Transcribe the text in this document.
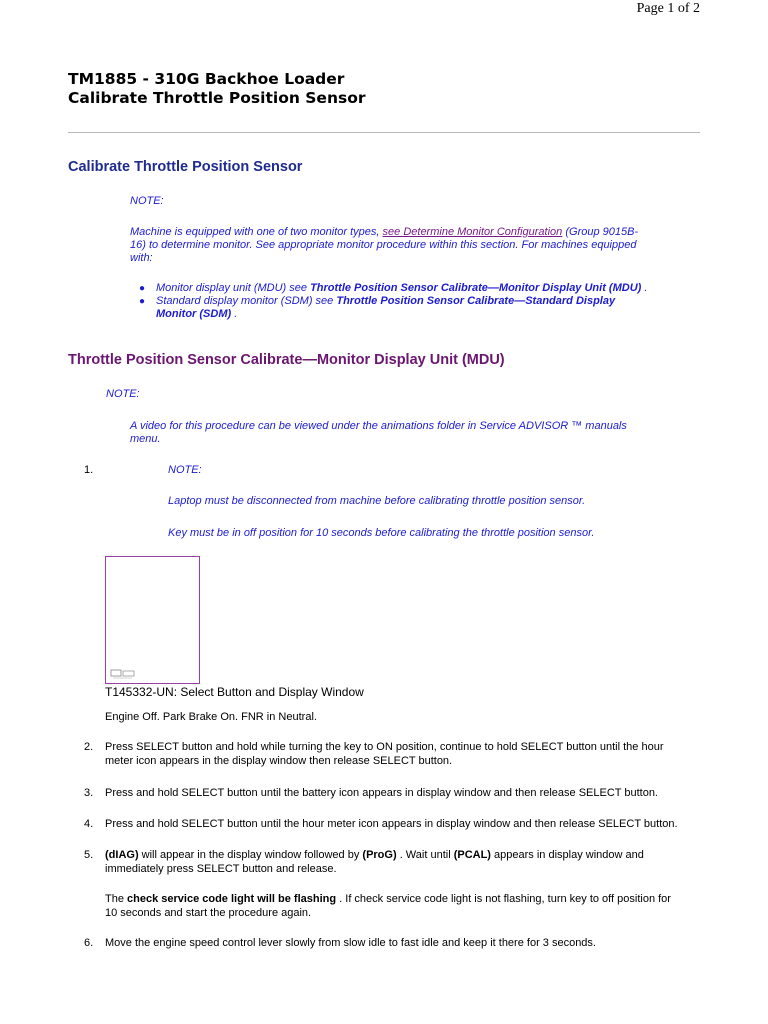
Page 1 of 2
TM1885 - 310G Backhoe Loader
Calibrate Throttle Position Sensor
Calibrate Throttle Position Sensor
NOTE:
Machine is equipped with one of two monitor types, see Determine Monitor Configuration (Group 9015B-
16) to determine monitor. See appropriate monitor procedure within this section. For machines equipped
with:
● Monitor display unit (MDU) see Throttle Position Sensor Calibrate—Monitor Display Unit (MDU) .
● Standard display monitor (SDM) see Throttle Position Sensor Calibrate—Standard Display
Monitor (SDM) .
Throttle Position Sensor Calibrate—Monitor Display Unit (MDU)
NOTE:
A video for this procedure can be viewed under the animations folder in Service ADVISOR ™ manuals
menu.
1.	NOTE:
Laptop must be disconnected from machine before calibrating throttle position sensor.
Key must be in off position for 10 seconds before calibrating the throttle position sensor.
T145332-UN: Select Button and Display Window
Engine Off. Park Brake On. FNR in Neutral.
2. Press SELECT button and hold while turning the key to ON position, continue to hold SELECT button until the hour
meter icon appears in the display window then release SELECT button.
3. Press and hold SELECT button until the battery icon appears in display window and then release SELECT button.
4. Press and hold SELECT button until the hour meter icon appears in display window and then release SELECT button.
5. (dIAG) will appear in the display window followed by (ProG) . Wait until (PCAL) appears in display window and
immediately press SELECT button and release.
The check service code light will be flashing . If check service code light is not flashing, turn key to off position for
10 seconds and start the procedure again.
6. Move the engine speed control lever slowly from slow idle to fast idle and keep it there for 3 seconds.
